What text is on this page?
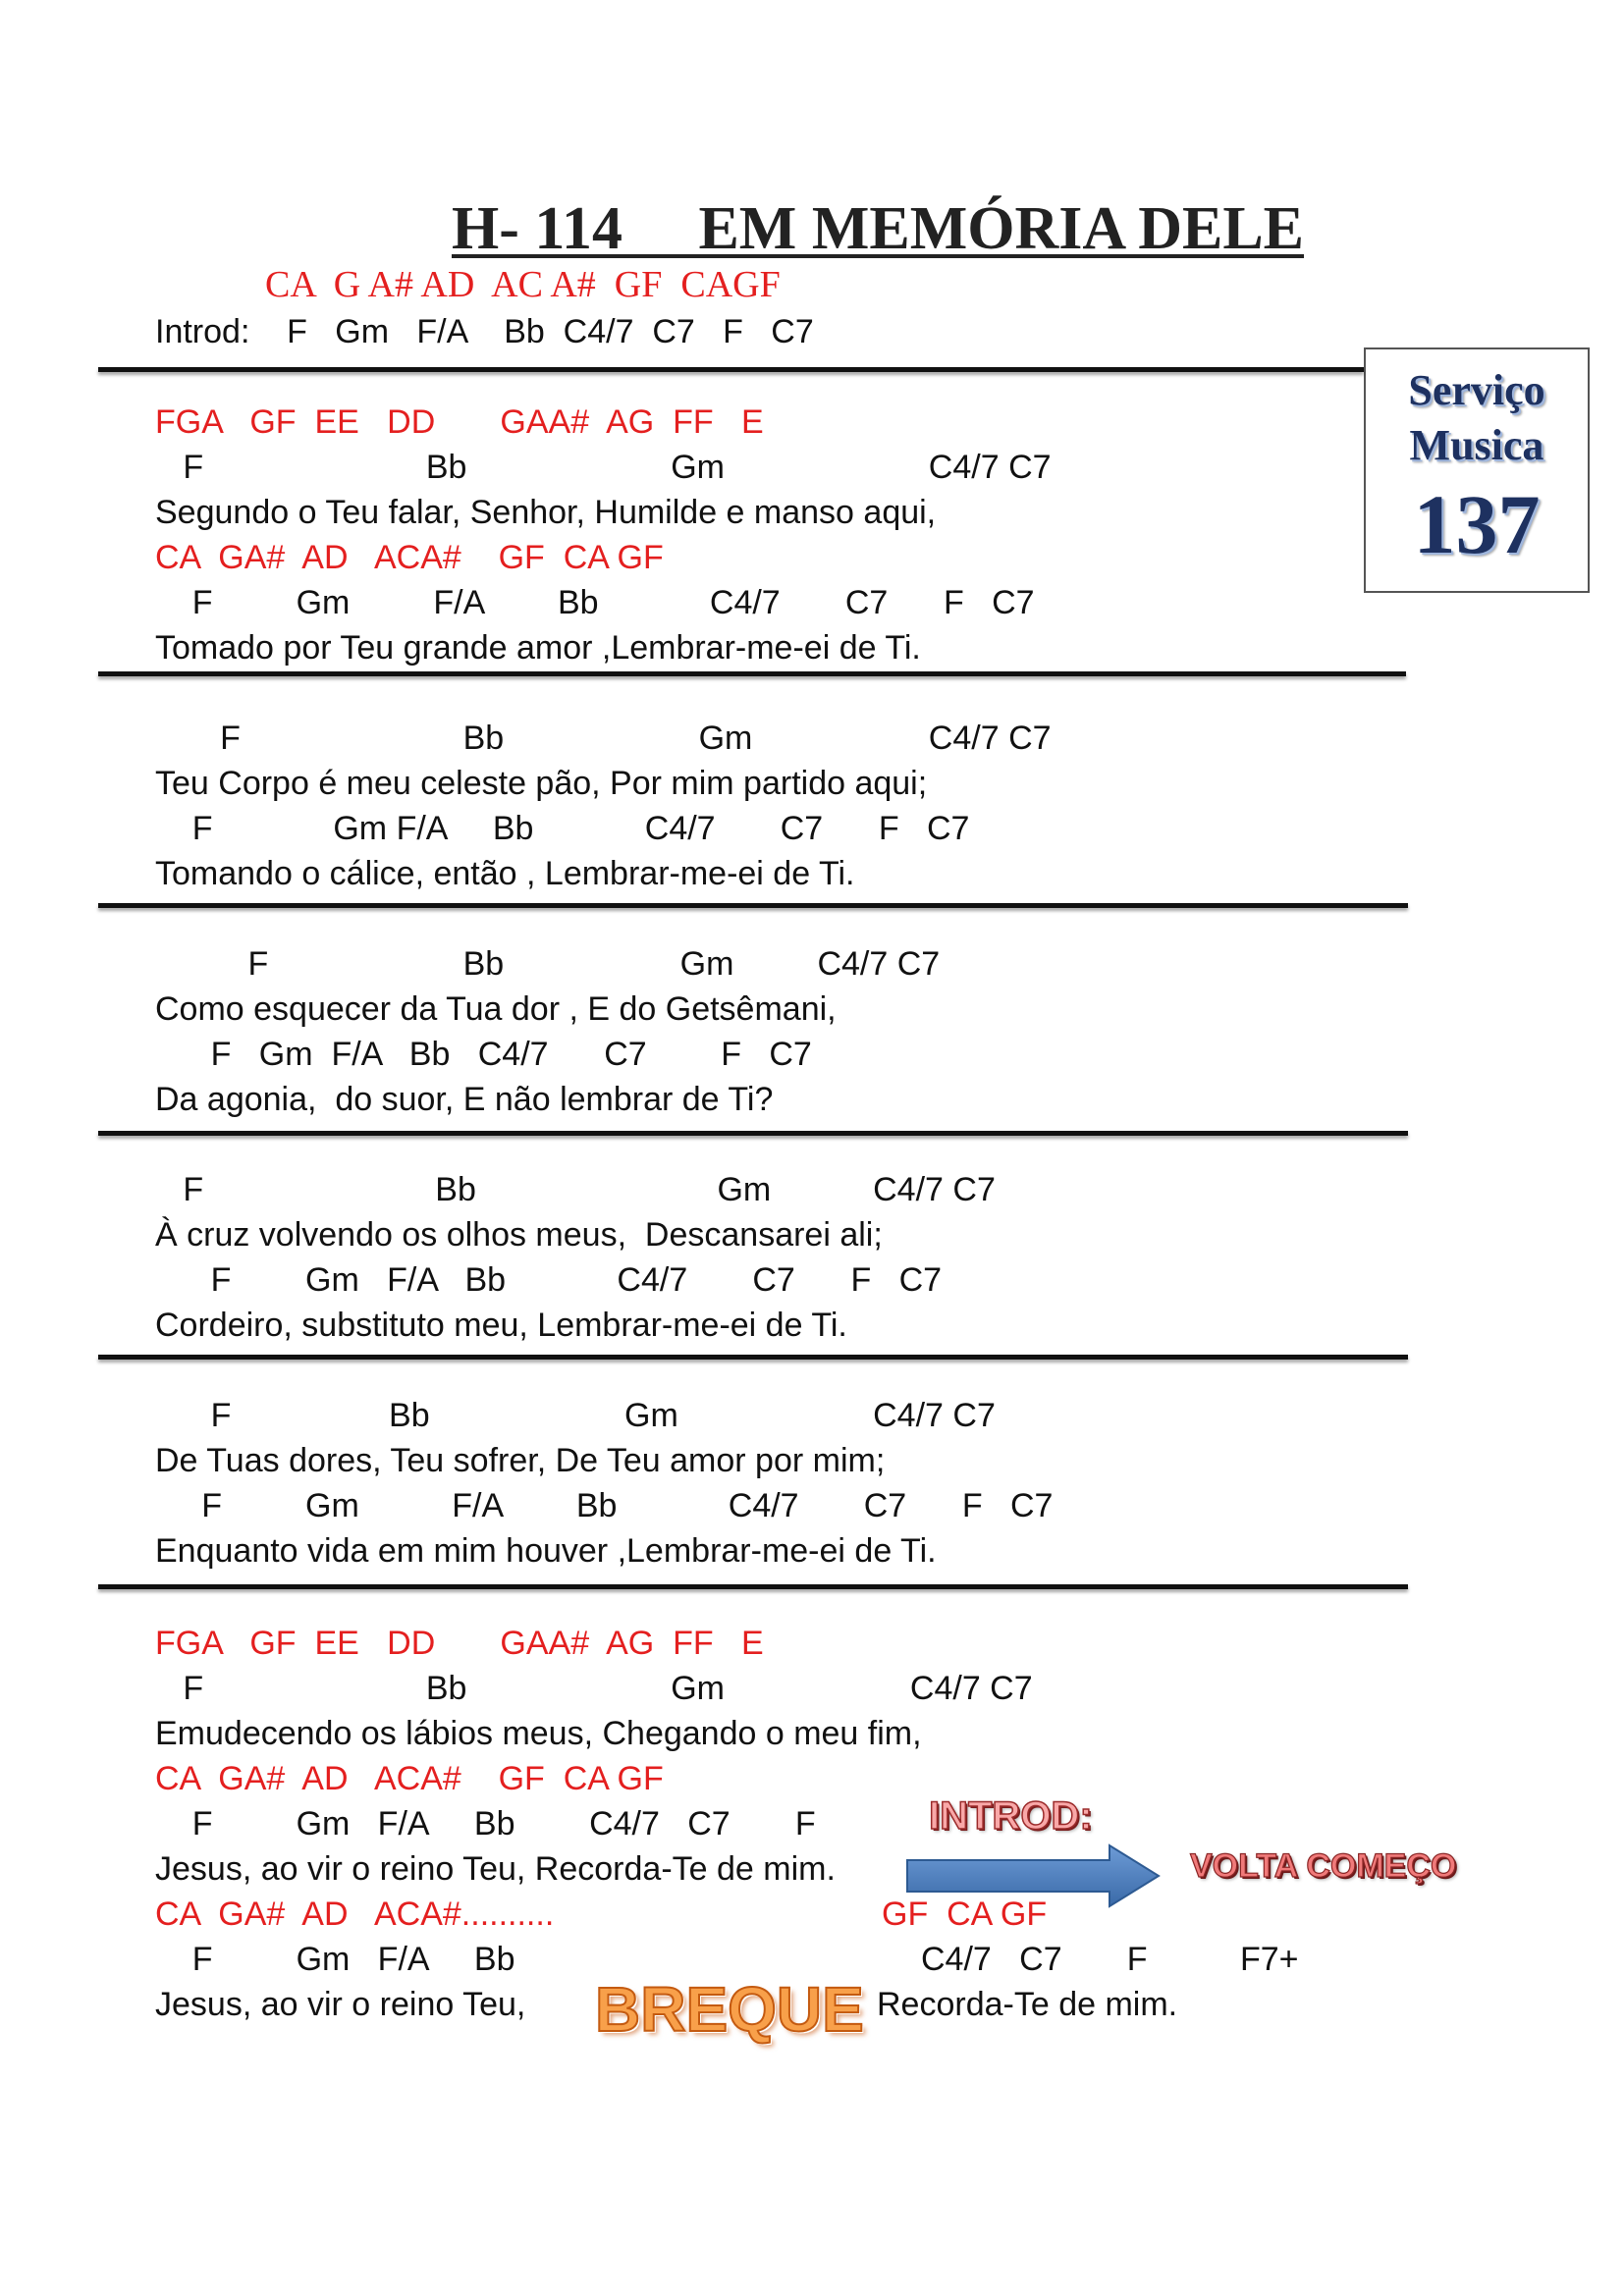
H- 114     EM MEMÓRIA DELE
CA  G A# AD  AC A#  GF  CAGF
Introd:    F   Gm   F/A    Bb  C4/7  C7   F   C7
Serviço
Musica
137
FGA   GF  EE   DD       GAA#  AG  FF   E
F                        Bb                      Gm                      C4/7 C7
Segundo o Teu falar, Senhor, Humilde e manso aqui,
CA  GA#  AD   ACA#    GF  CA GF
F         Gm         F/A        Bb            C4/7       C7      F   C7
Tomado por Teu grande amor ,Lembrar-me-ei de Ti.
F                        Bb                     Gm                   C4/7 C7
Teu Corpo é meu celeste pão, Por mim partido aqui;
F             Gm F/A     Bb            C4/7       C7      F   C7
Tomando o cálice, então , Lembrar-me-ei de Ti.
F                     Bb                   Gm         C4/7 C7
Como esquecer da Tua dor , E do Getsêmani,
F   Gm  F/A   Bb   C4/7      C7        F   C7
Da agonia,  do suor, E não lembrar de Ti?
F                         Bb                          Gm           C4/7 C7
À cruz volvendo os olhos meus,  Descansarei ali;
F        Gm   F/A   Bb            C4/7       C7      F   C7
Cordeiro, substituto meu, Lembrar-me-ei de Ti.
F                 Bb                     Gm                     C4/7 C7
De Tuas dores, Teu sofrer, De Teu amor por mim;
F         Gm          F/A        Bb            C4/7       C7      F   C7
Enquanto vida em mim houver ,Lembrar-me-ei de Ti.
FGA   GF  EE   DD       GAA#  AG  FF   E
F                        Bb                      Gm                    C4/7 C7
Emudecendo os lábios meus, Chegando o meu fim,
CA  GA#  AD   ACA#    GF  CA GF
F         Gm   F/A     Bb        C4/7   C7       F
Jesus, ao vir o reino Teu, Recorda-Te de mim.
CA  GA#  AD   ACA#..........	GF  CA GF
F         Gm   F/A     Bb	C4/7   C7       F          F7+
Jesus, ao vir o reino Teu,	Recorda-Te de mim.
INTROD:
VOLTA COMEÇO
BREQUE
